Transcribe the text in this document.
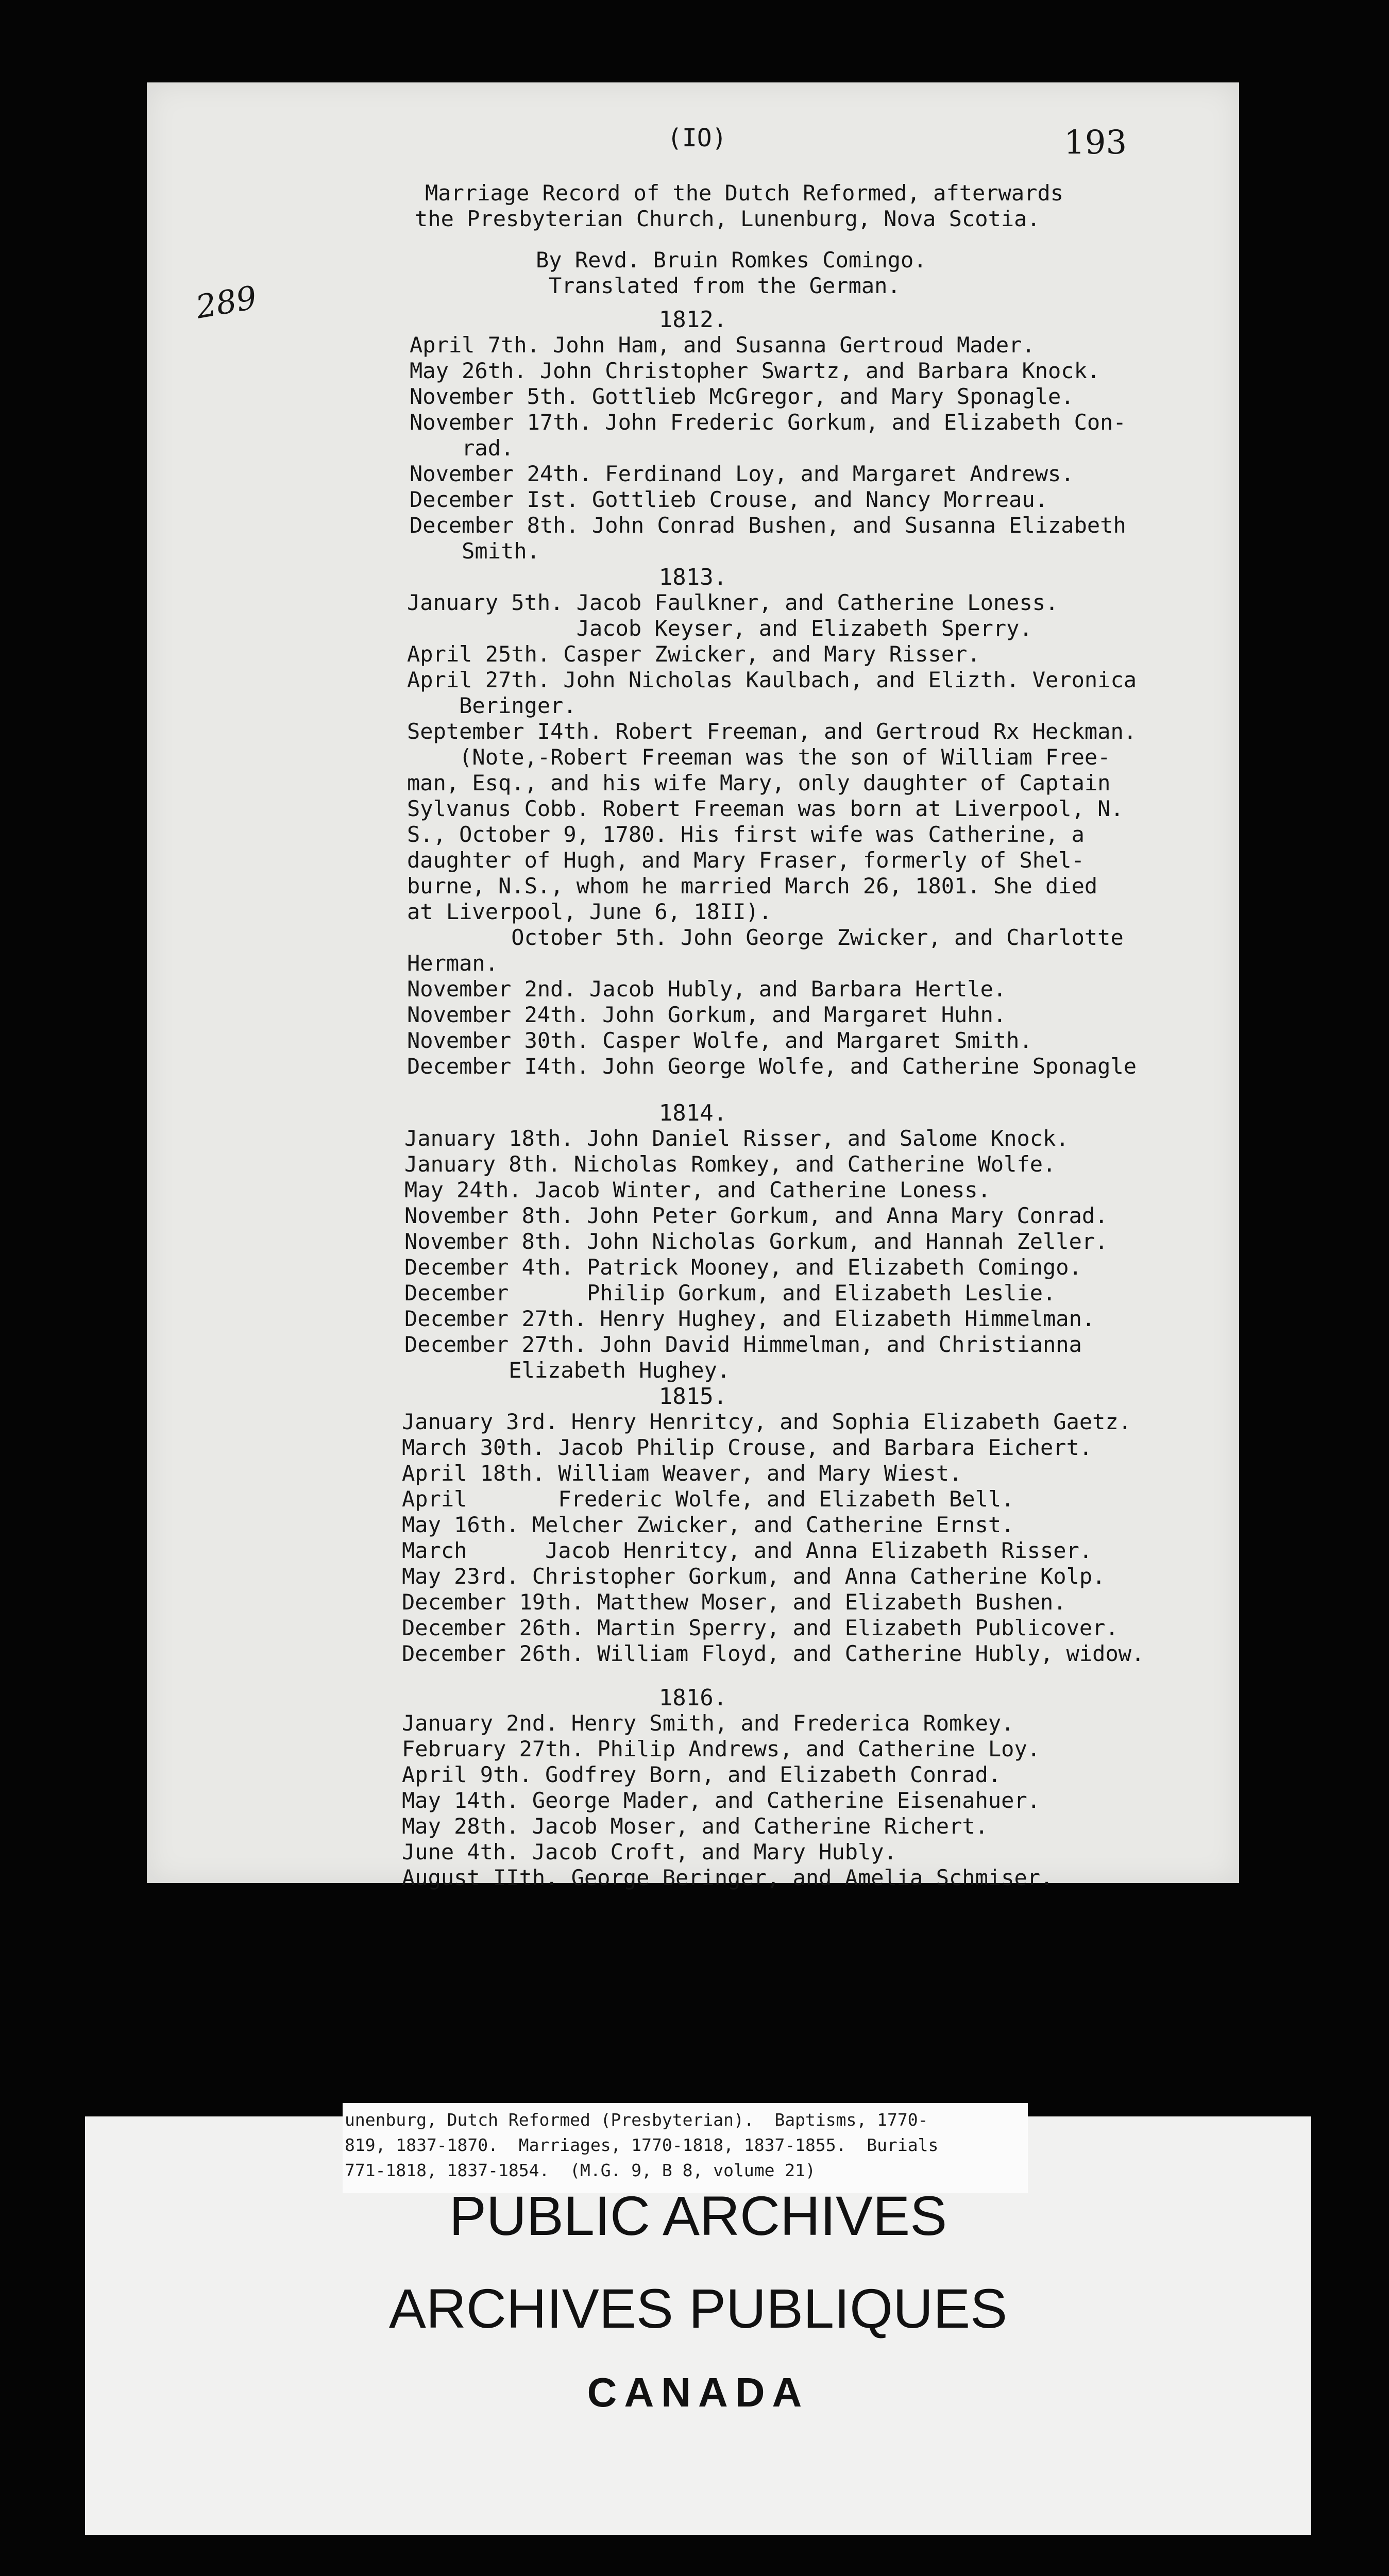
(IO)	193
289
Marriage Record of the Dutch Reformed, afterwards
the Presbyterian Church, Lunenburg, Nova Scotia.
By Revd. Bruin Romkes Comingo.
Translated from the German.
1812.
April 7th. John Ham, and Susanna Gertroud Mader.
May 26th. John Christopher Swartz, and Barbara Knock.
November 5th. Gottlieb McGregor, and Mary Sponagle.
November 17th. John Frederic Gorkum, and Elizabeth Con-
rad.
November 24th. Ferdinand Loy, and Margaret Andrews.
December Ist. Gottlieb Crouse, and Nancy Morreau.
December 8th. John Conrad Bushen, and Susanna Elizabeth
Smith.
1813.
January 5th. Jacob Faulkner, and Catherine Loness.
Jacob Keyser, and Elizabeth Sperry.
April 25th. Casper Zwicker, and Mary Risser.
April 27th. John Nicholas Kaulbach, and Elizth. Veronica
Beringer.
September I4th. Robert Freeman, and Gertroud Rx Heckman.
(Note,-Robert Freeman was the son of William Free-
man, Esq., and his wife Mary, only daughter of Captain
Sylvanus Cobb. Robert Freeman was born at Liverpool, N.
S., October 9, 1780. His first wife was Catherine, a
daughter of Hugh, and Mary Fraser, formerly of Shel-
burne, N.S., whom he married March 26, 1801. She died
at Liverpool, June 6, 18II).
October 5th. John George Zwicker, and Charlotte
Herman.
November 2nd. Jacob Hubly, and Barbara Hertle.
November 24th. John Gorkum, and Margaret Huhn.
November 30th. Casper Wolfe, and Margaret Smith.
December I4th. John George Wolfe, and Catherine Sponagle
1814.
January 18th. John Daniel Risser, and Salome Knock.
January 8th. Nicholas Romkey, and Catherine Wolfe.
May 24th. Jacob Winter, and Catherine Loness.
November 8th. John Peter Gorkum, and Anna Mary Conrad.
November 8th. John Nicholas Gorkum, and Hannah Zeller.
December 4th. Patrick Mooney, and Elizabeth Comingo.
December      Philip Gorkum, and Elizabeth Leslie.
December 27th. Henry Hughey, and Elizabeth Himmelman.
December 27th. John David Himmelman, and Christianna
Elizabeth Hughey.
1815.
January 3rd. Henry Henritcy, and Sophia Elizabeth Gaetz.
March 30th. Jacob Philip Crouse, and Barbara Eichert.
April 18th. William Weaver, and Mary Wiest.
April       Frederic Wolfe, and Elizabeth Bell.
May 16th. Melcher Zwicker, and Catherine Ernst.
March      Jacob Henritcy, and Anna Elizabeth Risser.
May 23rd. Christopher Gorkum, and Anna Catherine Kolp.
December 19th. Matthew Moser, and Elizabeth Bushen.
December 26th. Martin Sperry, and Elizabeth Publicover.
December 26th. William Floyd, and Catherine Hubly, widow.
1816.
January 2nd. Henry Smith, and Frederica Romkey.
February 27th. Philip Andrews, and Catherine Loy.
April 9th. Godfrey Born, and Elizabeth Conrad.
May 14th. George Mader, and Catherine Eisenahuer.
May 28th. Jacob Moser, and Catherine Richert.
June 4th. Jacob Croft, and Mary Hubly.
August IIth. George Beringer, and Amelia Schmiser.
unenburg, Dutch Reformed (Presbyterian).  Baptisms, 1770-
819, 1837-1870.  Marriages, 1770-1818, 1837-1855.  Burials
771-1818, 1837-1854.  (M.G. 9, B 8, volume 21)
PUBLIC ARCHIVES
ARCHIVES PUBLIQUES
CANADA
